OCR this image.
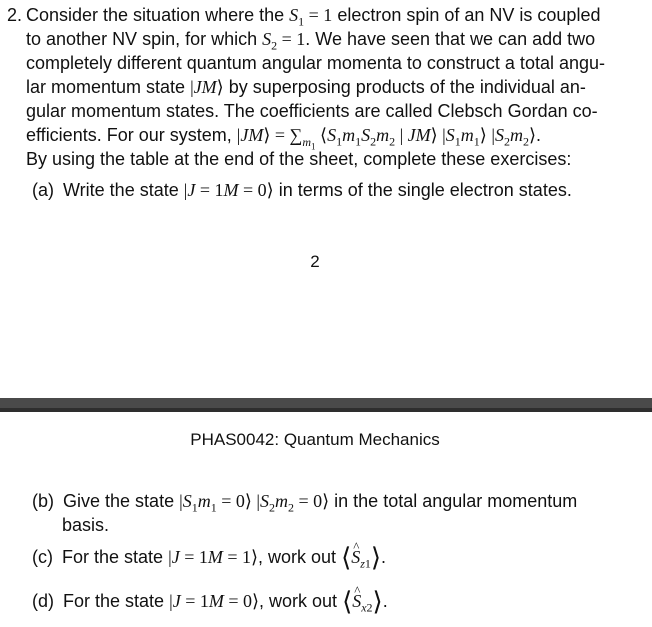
2. Consider the situation where the $S_1 = 1$ electron spin of an NV is coupled
to another NV spin, for which $S_2 = 1$. We have seen that we can add two
completely different quantum angular momenta to construct a total angu-
lar momentum state |JM⟩ by superposing products of the individual an-
gular momentum states. The coefficients are called Clebsch Gordan co-
efficients. For our system, |JM⟩ = $\sum_{m_1}$ $⟨S_1m_1S_2m_2$ | JM⟩ $|S_1m_1⟩$ $|S_2m_2⟩$.
By using the table at the end of the sheet, complete these exercises:
(a) Write the state |J = 1M = 0⟩ in terms of the single electron states.
2
PHAS0042: Quantum Mechanics
(b) Give the state $|S_1m_1$ = 0⟩ $|S_2m_2$ = 0⟩ in the total angular momentum
basis.
(c) For the state |J = 1M = 1⟩, work out ⟨^ $S_{z1}⟩$.
(d) For the state |J = 1M = 0⟩, work out ⟨^ $S_{x2}⟩$.
